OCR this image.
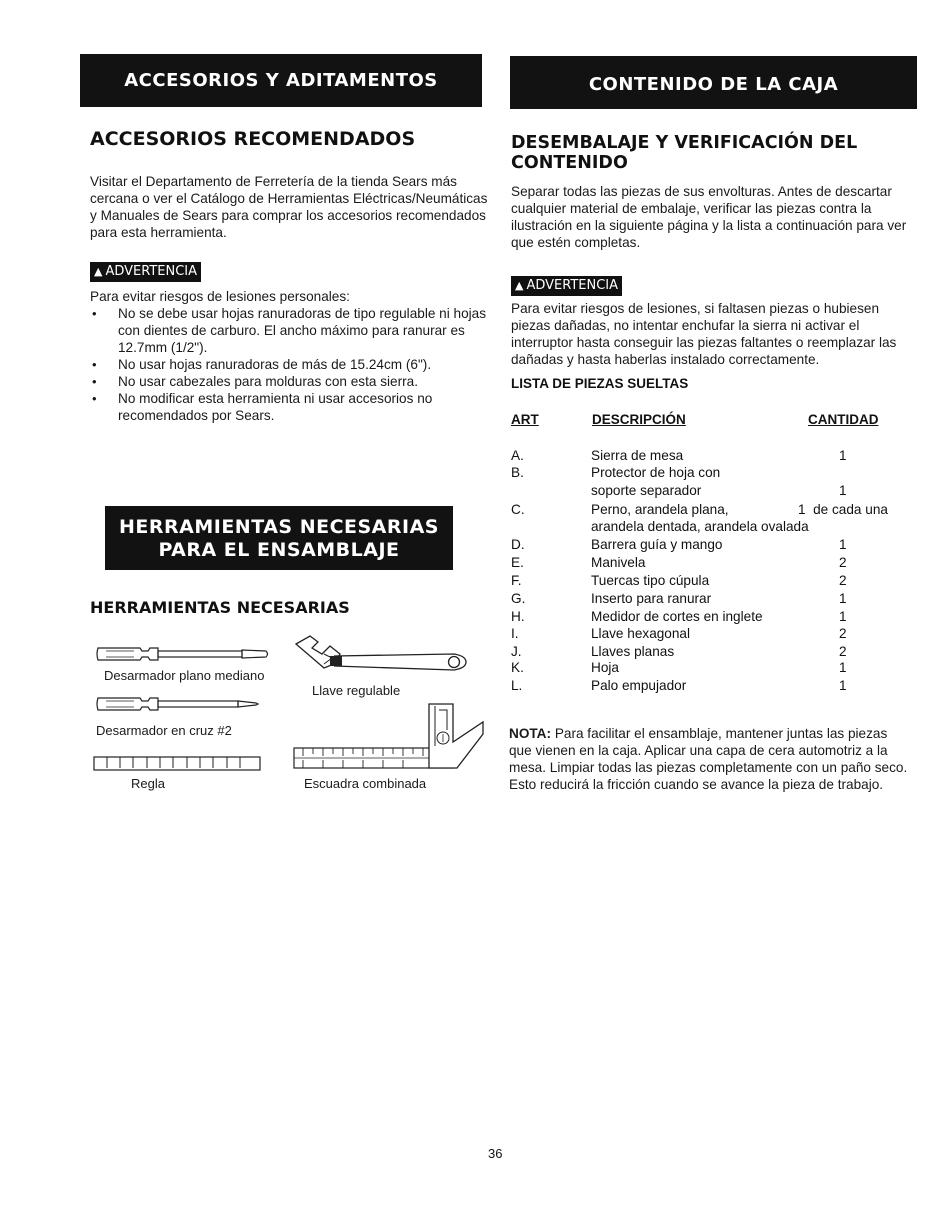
ACCESORIOS Y ADITAMENTOS
ACCESORIOS RECOMENDADOS
Visitar el Departamento de Ferretería de la tienda Sears más
cercana o ver el Catálogo de Herramientas Eléctricas/Neumáticas
y Manuales de Sears para comprar los accesorios recomendados
para esta herramienta.
▲ ADVERTENCIA
Para evitar riesgos de lesiones personales:
• No se debe usar hojas ranuradoras de tipo regulable ni hojas con dientes de carburo. El ancho máximo para ranurar es 12.7mm (1/2").
• No usar hojas ranuradoras de más de 15.24cm (6").
• No usar cabezales para molduras con esta sierra.
• No modificar esta herramienta ni usar accesorios no recomendados por Sears.
HERRAMIENTAS NECESARIAS
PARA EL ENSAMBLAJE
HERRAMIENTAS NECESARIAS
Desarmador plano mediano
Desarmador en cruz #2
Regla
Llave regulable
Escuadra combinada
CONTENIDO DE LA CAJA
DESEMBALAJE Y VERIFICACIÓN DEL
CONTENIDO
Separar todas las piezas de sus envolturas. Antes de descartar
cualquier material de embalaje, verificar las piezas contra la
ilustración en la siguiente página y la lista a continuación para ver
que estén completas.
▲ ADVERTENCIA
Para evitar riesgos de lesiones, si faltasen piezas o hubiesen
piezas dañadas, no intentar enchufar la sierra ni activar el
interruptor hasta conseguir las piezas faltantes o reemplazar las
dañadas y hasta haberlas instalado correctamente.
LISTA DE PIEZAS SUELTAS
ART	DESCRIPCIÓN	CANTIDAD
A.	Sierra de mesa	1
B.	Protector de hoja con
soporte separador	1
C.	Perno, arandela plana,	1  de cada una
arandela dentada, arandela ovalada
D.	Barrera guía y mango	1
E.	Manivela	2
F.	Tuercas tipo cúpula	2
G.	Inserto para ranurar	1
H.	Medidor de cortes en inglete	1
I.	Llave hexagonal	2
J.	Llaves planas	2
K.	Hoja	1
L.	Palo empujador	1
NOTA: Para facilitar el ensamblaje, mantener juntas las piezas
que vienen en la caja. Aplicar una capa de cera automotriz a la
mesa. Limpiar todas las piezas completamente con un paño seco.
Esto reducirá la fricción cuando se avance la pieza de trabajo.
36
